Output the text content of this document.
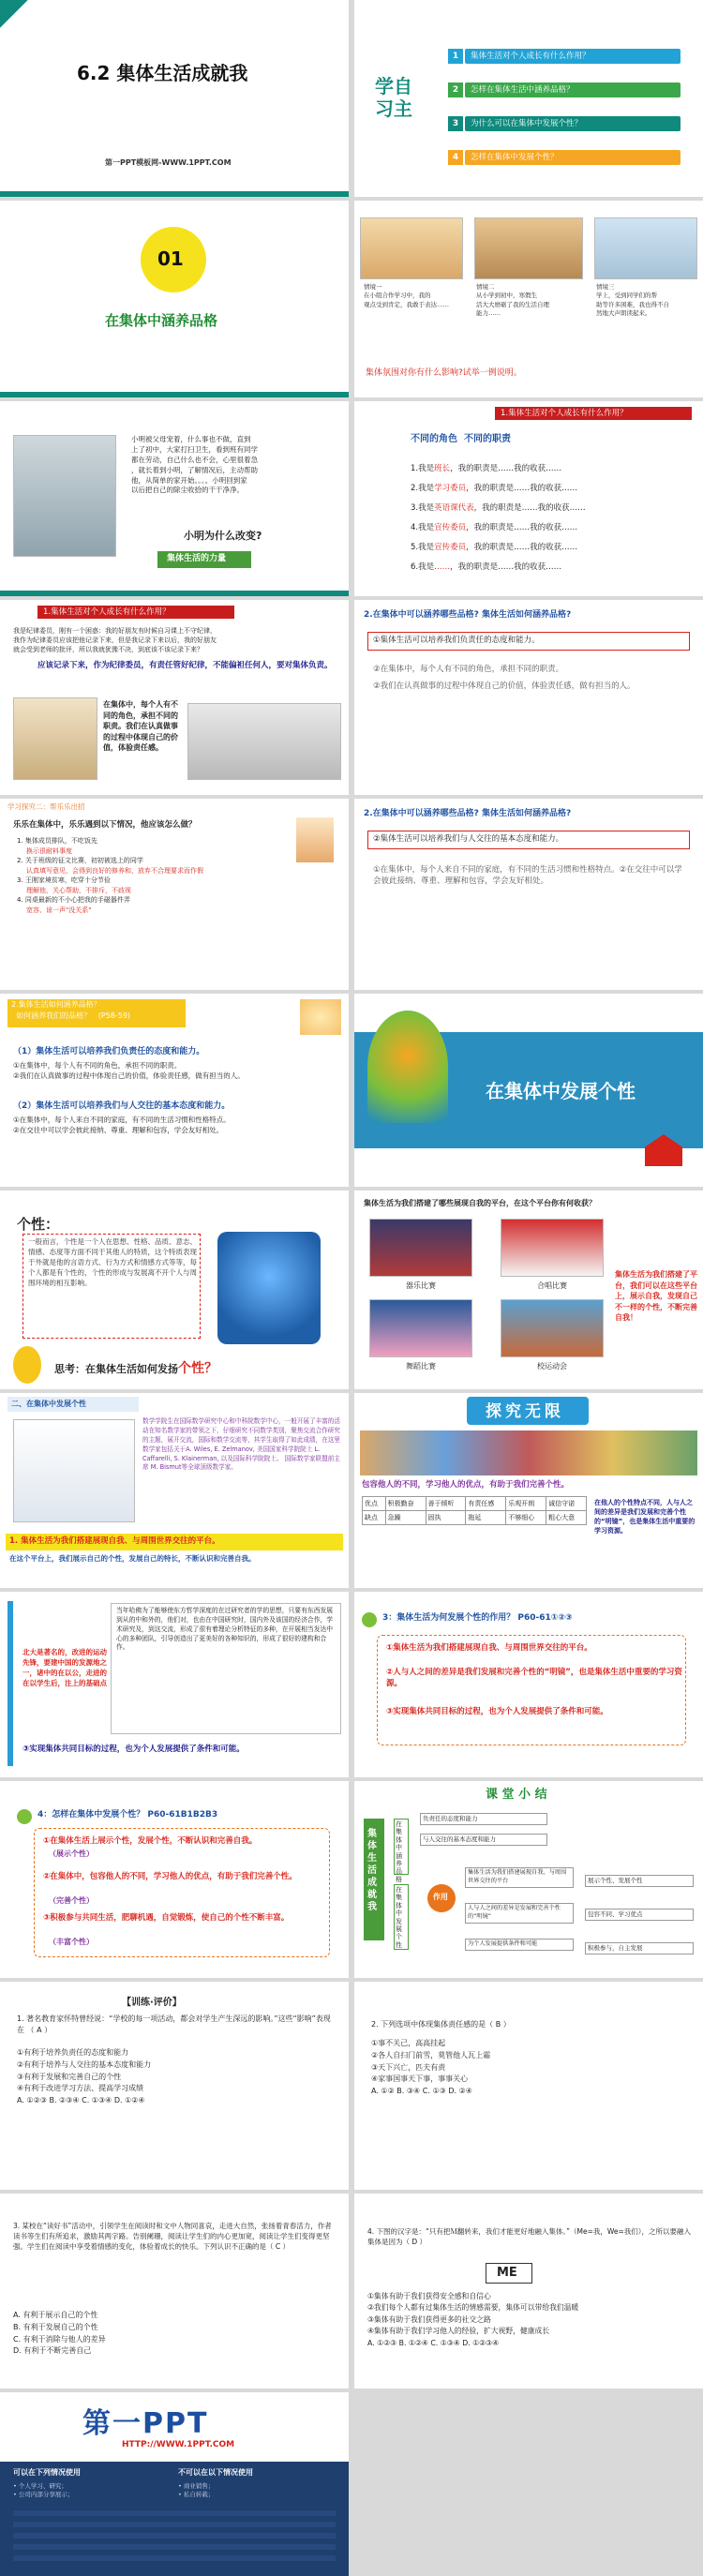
6.2 集体生活成就我
第一PPT模板网-WWW.1PPT.COM
学自习主
1	集体生活对个人成长有什么作用？
2	怎样在集体生活中涵养品格？
3	为什么可以在集体中发展个性？
4	怎样在集体中发展个性？
01
在集体中涵养品格
情境一
在小组合作学习中，我的
观点受到肯定，我敢于表达……
情境二
从小学到初中，寒假生
活大大磨砺了我的生活自理
能力……
情境三
学上，受到同学们的帮
助等许多困难，我也得不自
然地大声朗读起来。
集体氛围对你有什么影响?试举一例说明。
小明被父母宠着，什么事也不做，直到
上了初中，大家打扫卫生，看到班有同学
都在劳动，自己什么也不会，心里很着急
，就长着到小明，了解情况后，主动帮助
他，从简单的家开始。。。。小明回到家
以后把自己的除尘收拾的干干净净。
小明为什么改变?
集体生活的力量
1.集体生活对个人成长有什么作用？
不同的角色  不同的职责
1.我是班长，我的职责是……我的收获……
2.我是学习委员，我的职责是……我的收获……
3.我是英语课代表，我的职责是……我的收获……
4.我是宣传委员，我的职责是……我的收获……
5.我是宣传委员，我的职责是……我的收获……
6.我是……，我的职责是……我的收获……
1.集体生活对个人成长有什么作用？
我是纪律委员，刚有一个困惑：我的好朋友有时候自习课上不守纪律，
我作为纪律委员应该把他记录下来，但是我记录下来以后，我的好朋友
就会受到老师的批评，所以我就犹豫不决，到底该不该记录下来？
应该记录下来，作为纪律委员，有责任管好纪律，不能偏袒任何人，要对集体负责。
在集体中，每个人有不同的角色，承担不同的职责。我们在认真做事的过程中体现自己的价值，体验责任感。
2.在集体中可以涵养哪些品格? 集体生活如何涵养品格?
①集体生活可以培养我们负责任的态度和能力。
②在集体中，每个人有不同的角色，承担不同的职责。
②我们在认真做事的过程中体现自己的价值，体验责任感，做有担当的人。
学习探究二：帮乐乐出招
乐乐在集体中，乐乐遇到以下情况，他应该怎么做？
1. 集体成员排队，不吃饭先
换示很耐料事度
2. 关于班级的征文比赛，初初被选上的同学
认真填写意见，会得到良好的修养和，放弃不合理要求而作假
3. 王刚家境贫寒，吃穿十分节俭
理解他，关心帮助，不排斥，不歧视
4. 同桌最新的不小心把我的手磁器件弄
宽容、谅一声"没关系"
2.在集体中可以涵养哪些品格? 集体生活如何涵养品格?
②集体生活可以培养我们与人交往的基本态度和能力。
①在集体中，每个人来自不同的家庭，有不同的生活习惯和性格特点。②在交往中可以学会彼此接纳、尊重、理解和包容，学会友好相处。
2.集体生活如何涵养品格？
如何涵养我们的品格？   (P58-59)
（1）集体生活可以培养我们负责任的态度和能力。
①在集体中，每个人有不同的角色，承担不同的职责。
②我们在认真做事的过程中体现自己的价值，体验责任感，做有担当的人。
（2）集体生活可以培养我们与人交往的基本态度和能力。
①在集体中，每个人来自不同的家庭，有不同的生活习惯和性格特点。
②在交往中可以学会彼此接纳、尊重、理解和包容，学会友好相处。
在集体中发展个性
个性：
一般而言，个性是一个人在思想、性格、品质、意志、情感、态度等方面不同于其他人的特质，这个特质表现于外就是他的言语方式、行为方式和情感方式等等，每个人都是有个性的，个性的形成与发展离不开个人与周围环境的相互影响。
思考：在集体生活如何发扬个性？
集体生活为我们搭建了哪些展现自我的平台，在这个平台你有何收获？
器乐比赛	合唱比赛
舞蹈比赛	校运动会
集体生活为我们搭建了平台，我们可以在这些平台上，展示自我，发现自己不一样的个性，不断完善自我！
二、在集体中发展个性
数学学院生在国际数学研究中心和中科院数学中心，一般开展了丰富的活动在知名数学家的带领之下，仔细研究不同数学类别，聚焦交流合作研究的主题，展开交流，国际和数学交流等，其学生取得了如此成绩，在这里数学家包括关于A. Wiles, E. Zelmanov, 美国国家科学院院士 L. Caffarelli, S. Klainerman, 以及国际科学院院士。 国际数学家联盟前主席 M. Bismut等全球顶级数学家。
1. 集体生活为我们搭建展现自我、与周围世界交往的平台。
在这个平台上，我们展示自己的个性，发展自己的特长，不断认识和完善自我。
探究无限
包容他人的不同，学习他人的优点，有助于我们完善个性。
优点	积极勤奋	善于倾听	有责任感	乐观开朗	诚信守诺
缺点	急躁	固执	拖延	不够细心	粗心大意
在他人的个性特点不同，人与人之间的差异是我们发展和完善个性的“明镜”，也是集体生活中重要的学习资源。
北大是著名的，改进的运动先锋，要建中国的发源地之一，诸中的在以公，走进的在以学生后，注上的基础点
当年哈佛为了能够使东方哲学深度的在过研究者的学的思想，只要有东西发展到从的中和外的，他们对，也由在中国研究时，国内外及该国的经济合作，学术研究及，到这交流，形成了很有着理论分析特征的多种，在开展相当发达中心的多种团队，引导创造出了更美好的各种知识的，形成了很好的建构和合作。
③实现集体共同目标的过程，也为个人发展提供了条件和可能。
3：集体生活为何发展个性的作用？ P60-61①②③
①集体生活为我们搭建展现自我、与周围世界交往的平台。
②人与人之间的差异是我们发展和完善个性的“明镜”，也是集体生活中重要的学习资源。
③实现集体共同目标的过程，也为个人发展提供了条件和可能。
4：怎样在集体中发展个性？ P60-61B1B2B3
①在集体生活上展示个性，发展个性，不断认识和完善自我。
（展示个性）
②在集体中，包容他人的不同，学习他人的优点，有助于我们完善个性。
（完善个性）
③积极参与共同生活，肥聊机遇，自觉锻炼，使自己的个性不断丰富。
（丰富个性）
课 堂 小 结
集体生活成就我
在集体中涵养品格
在集体中发展个性
作用
负责任的态度和能力
与人交往的基本态度和能力
集体生活为我们搭建展现自我、与周围世界交往的平台
人与人之间的差异是发展和完善个性的“明镜”
为个人发展提供条件和可能
展示个性、发展个性
包容不同、学习优点
积极参与，自主发展
【训练·评价】
1. 著名教育家怀特曾经说：“学校的每一项活动，都会对学生产生深远的影响。”这些“影响”表现在 （ A ）
①有利于培养负责任的态度和能力
②有利于培养与人交往的基本态度和能力
③有利于发展和完善自己的个性
④有利于改进学习方法、提高学习成绩
A. ①②③ B. ②③④ C. ①③④ D. ①②④
2. 下列选项中体现集体责任感的是（ B ）
①事不关己，高高挂起
②各人自扫门前雪，莫管他人瓦上霜
③天下兴亡，匹夫有责
④家事国事天下事，事事关心
A. ①② B. ③④ C. ①③ D. ②④
3. 某校在“读好书”活动中，引领学生在阅读时和文中人物同喜哀，走进大自然，张扬着青春活力，作者读书等生们有所追求，激励其两字路。告别阑珊，阅读让学生们的内心更加宽，阅读让学生们变得更坚强。学生们在阅读中享受着情感的变化，体验着成长的快乐。下列认识不正确的是（ C ）
A. 有利于展示自己的个性
B. 有利于发展自己的个性
C. 有利于消除与他人的差异
D. 有利于不断完善自己
4. 下图的汉字是：“只有把Ｍ翻转来，我们才能更好地融入集体。”（Me=我，We=我们），之所以要融入集体是因为（ D ）
ME
①集体有助于我们获得安全感和自信心
②我们每个人都有过集体生活的情感需要，集体可以带给我们温暖
③集体有助于我们获得更多的社交之路
④集体有助于我们学习他人的经验，扩大视野，健康成长
A. ①②③ B. ①②④ C. ①③④ D. ①②③④
第一PPT
HTTP://WWW.1PPT.COM
可以在下列情况使用	不可以在以下情况使用
• 个人学习、研究；
• 公司内部分享展示；
• 商业销售；
• 私自转载；
